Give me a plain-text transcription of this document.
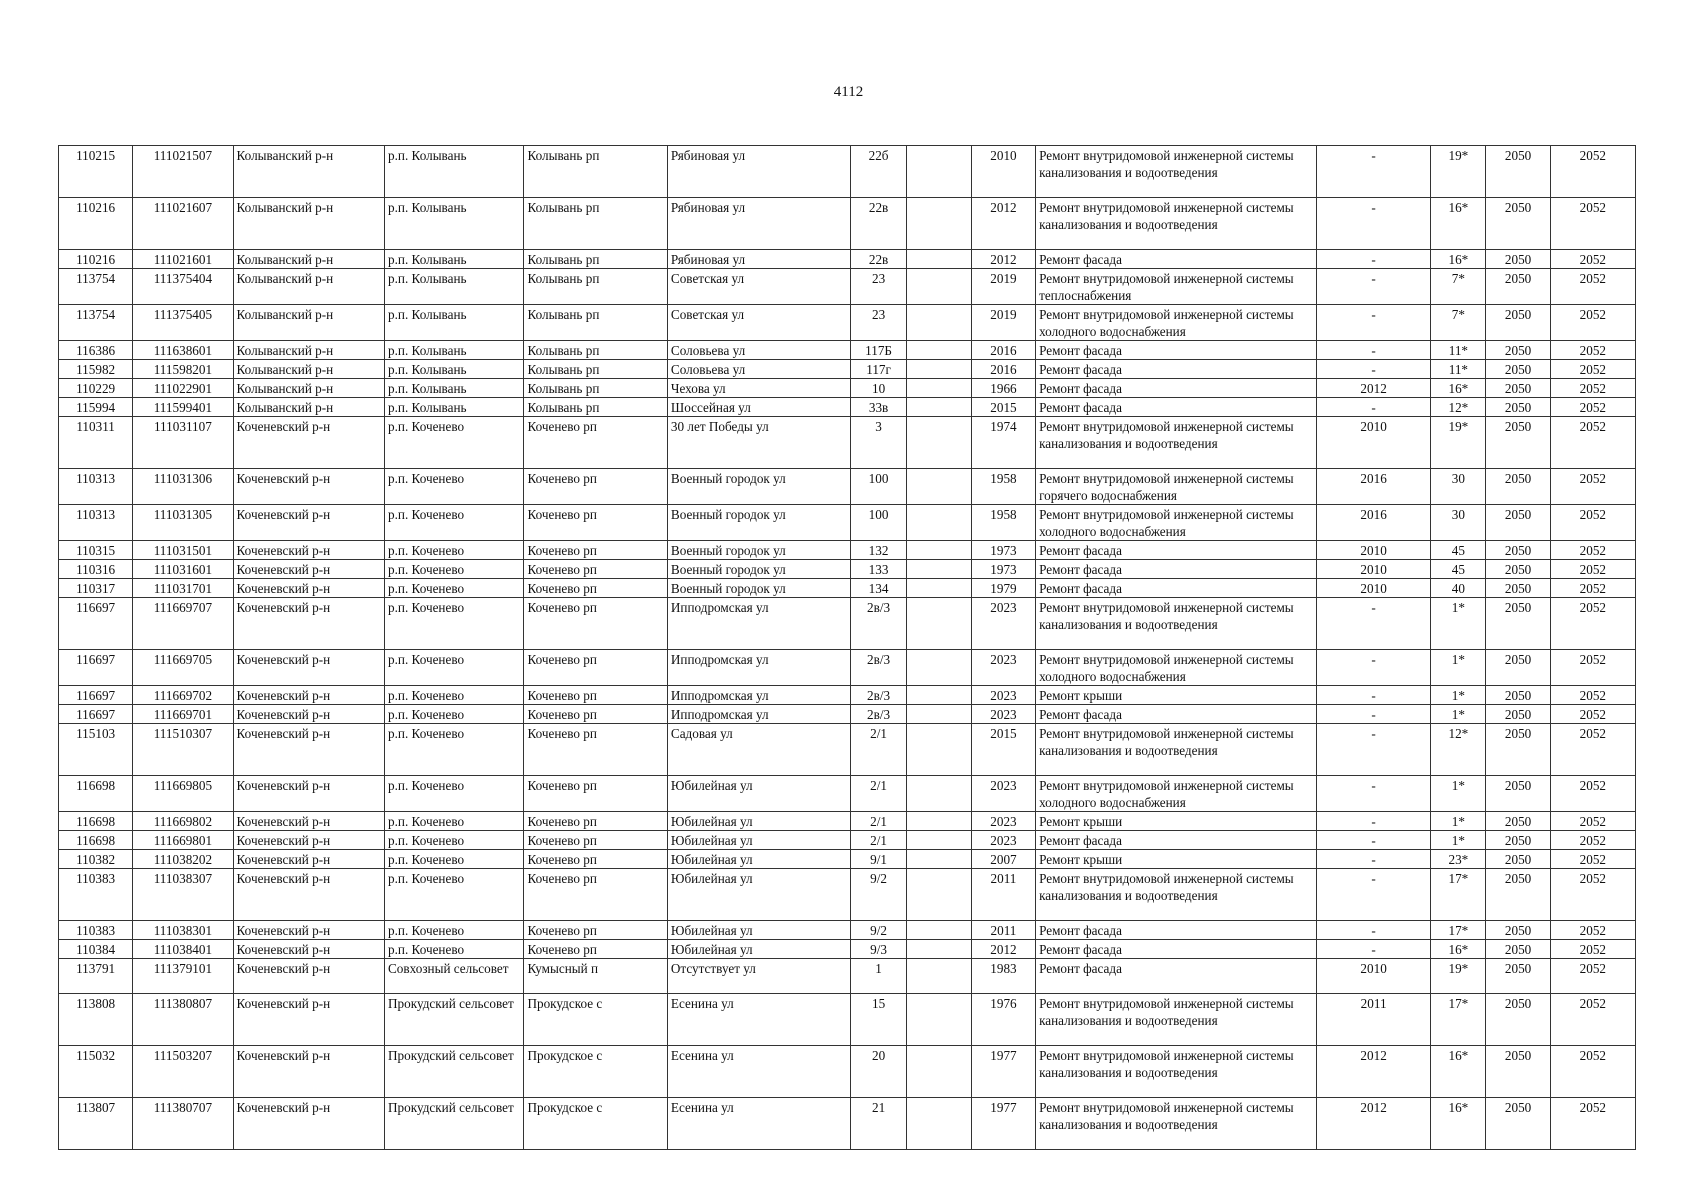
4112
110215	111021507	Колыванский р-н	р.п. Колывань	Колывань рп	Рябиновая ул	22б		2010	Ремонт внутридомовой инженерной системы канализования и водоотведения	-	19*	2050	2052
110216	111021607	Колыванский р-н	р.п. Колывань	Колывань рп	Рябиновая ул	22в		2012	Ремонт внутридомовой инженерной системы канализования и водоотведения	-	16*	2050	2052
110216	111021601	Колыванский р-н	р.п. Колывань	Колывань рп	Рябиновая ул	22в		2012	Ремонт фасада	-	16*	2050	2052
113754	111375404	Колыванский р-н	р.п. Колывань	Колывань рп	Советская ул	23		2019	Ремонт внутридомовой инженерной системы теплоснабжения	-	7*	2050	2052
113754	111375405	Колыванский р-н	р.п. Колывань	Колывань рп	Советская ул	23		2019	Ремонт внутридомовой инженерной системы холодного водоснабжения	-	7*	2050	2052
116386	111638601	Колыванский р-н	р.п. Колывань	Колывань рп	Соловьева ул	117Б		2016	Ремонт фасада	-	11*	2050	2052
115982	111598201	Колыванский р-н	р.п. Колывань	Колывань рп	Соловьева ул	117г		2016	Ремонт фасада	-	11*	2050	2052
110229	111022901	Колыванский р-н	р.п. Колывань	Колывань рп	Чехова ул	10		1966	Ремонт фасада	2012	16*	2050	2052
115994	111599401	Колыванский р-н	р.п. Колывань	Колывань рп	Шоссейная ул	33в		2015	Ремонт фасада	-	12*	2050	2052
110311	111031107	Коченевский р-н	р.п. Коченево	Коченево рп	30 лет Победы ул	3		1974	Ремонт внутридомовой инженерной системы канализования и водоотведения	2010	19*	2050	2052
110313	111031306	Коченевский р-н	р.п. Коченево	Коченево рп	Военный городок ул	100		1958	Ремонт внутридомовой инженерной системы горячего водоснабжения	2016	30	2050	2052
110313	111031305	Коченевский р-н	р.п. Коченево	Коченево рп	Военный городок ул	100		1958	Ремонт внутридомовой инженерной системы холодного водоснабжения	2016	30	2050	2052
110315	111031501	Коченевский р-н	р.п. Коченево	Коченево рп	Военный городок ул	132		1973	Ремонт фасада	2010	45	2050	2052
110316	111031601	Коченевский р-н	р.п. Коченево	Коченево рп	Военный городок ул	133		1973	Ремонт фасада	2010	45	2050	2052
110317	111031701	Коченевский р-н	р.п. Коченево	Коченево рп	Военный городок ул	134		1979	Ремонт фасада	2010	40	2050	2052
116697	111669707	Коченевский р-н	р.п. Коченево	Коченево рп	Ипподромская ул	2в/3		2023	Ремонт внутридомовой инженерной системы канализования и водоотведения	-	1*	2050	2052
116697	111669705	Коченевский р-н	р.п. Коченево	Коченево рп	Ипподромская ул	2в/3		2023	Ремонт внутридомовой инженерной системы холодного водоснабжения	-	1*	2050	2052
116697	111669702	Коченевский р-н	р.п. Коченево	Коченево рп	Ипподромская ул	2в/3		2023	Ремонт крыши	-	1*	2050	2052
116697	111669701	Коченевский р-н	р.п. Коченево	Коченево рп	Ипподромская ул	2в/3		2023	Ремонт фасада	-	1*	2050	2052
115103	111510307	Коченевский р-н	р.п. Коченево	Коченево рп	Садовая ул	2/1		2015	Ремонт внутридомовой инженерной системы канализования и водоотведения	-	12*	2050	2052
116698	111669805	Коченевский р-н	р.п. Коченево	Коченево рп	Юбилейная ул	2/1		2023	Ремонт внутридомовой инженерной системы холодного водоснабжения	-	1*	2050	2052
116698	111669802	Коченевский р-н	р.п. Коченево	Коченево рп	Юбилейная ул	2/1		2023	Ремонт крыши	-	1*	2050	2052
116698	111669801	Коченевский р-н	р.п. Коченево	Коченево рп	Юбилейная ул	2/1		2023	Ремонт фасада	-	1*	2050	2052
110382	111038202	Коченевский р-н	р.п. Коченево	Коченево рп	Юбилейная ул	9/1		2007	Ремонт крыши	-	23*	2050	2052
110383	111038307	Коченевский р-н	р.п. Коченево	Коченево рп	Юбилейная ул	9/2		2011	Ремонт внутридомовой инженерной системы канализования и водоотведения	-	17*	2050	2052
110383	111038301	Коченевский р-н	р.п. Коченево	Коченево рп	Юбилейная ул	9/2		2011	Ремонт фасада	-	17*	2050	2052
110384	111038401	Коченевский р-н	р.п. Коченево	Коченево рп	Юбилейная ул	9/3		2012	Ремонт фасада	-	16*	2050	2052
113791	111379101	Коченевский р-н	Совхозный сельсовет	Кумысный п	Отсутствует ул	1		1983	Ремонт фасада	2010	19*	2050	2052
113808	111380807	Коченевский р-н	Прокудский сельсовет	Прокудское с	Есенина ул	15		1976	Ремонт внутридомовой инженерной системы канализования и водоотведения	2011	17*	2050	2052
115032	111503207	Коченевский р-н	Прокудский сельсовет	Прокудское с	Есенина ул	20		1977	Ремонт внутридомовой инженерной системы канализования и водоотведения	2012	16*	2050	2052
113807	111380707	Коченевский р-н	Прокудский сельсовет	Прокудское с	Есенина ул	21		1977	Ремонт внутридомовой инженерной системы канализования и водоотведения	2012	16*	2050	2052
